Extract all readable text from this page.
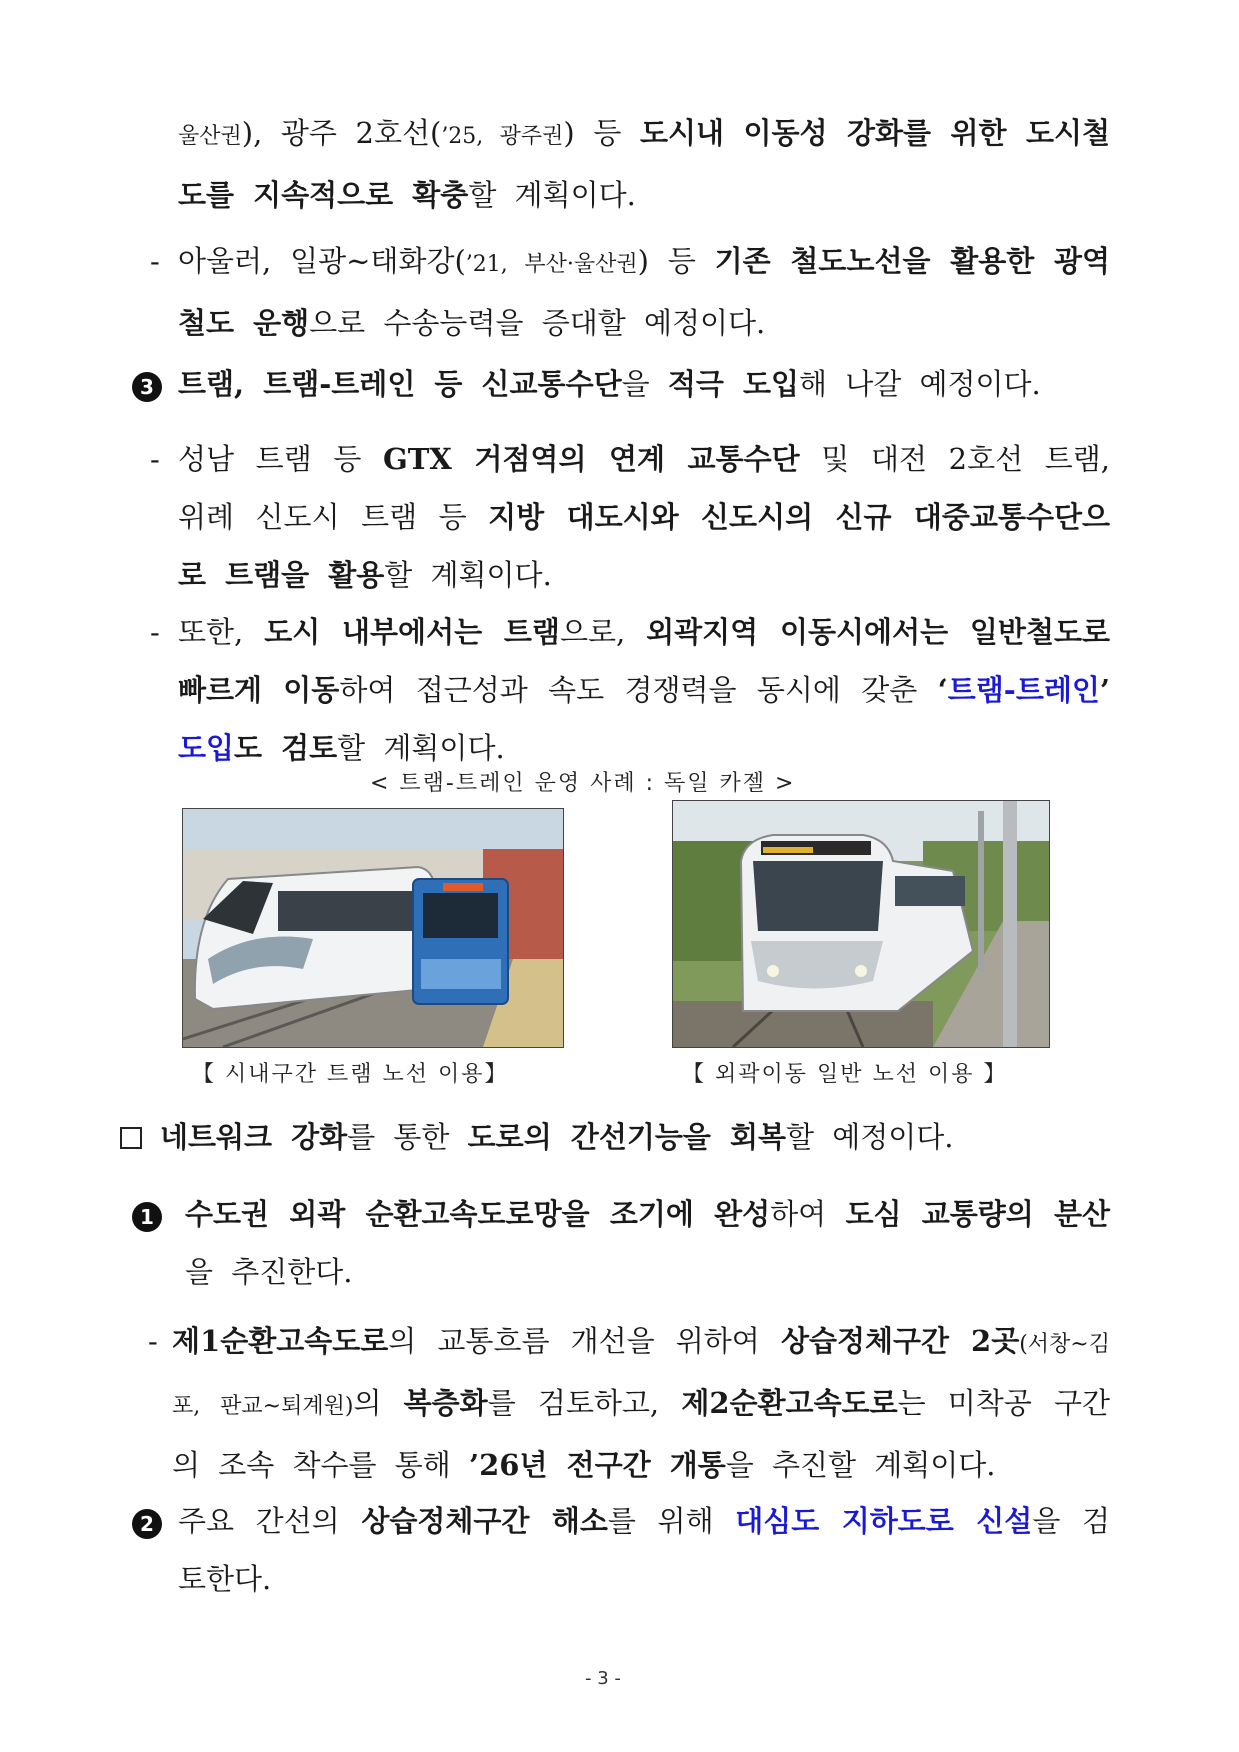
울산권), 광주 2호선(’25, 광주권) 등 도시내 이동성 강화를 위한 도시철도를 지속적으로 확충할 계획이다.
- 아울러, 일광∼태화강(’21, 부산·울산권) 등 기존 철도노선을 활용한 광역철도 운행으로 수송능력을 증대할 예정이다.
3 트램, 트램-트레인 등 신교통수단을 적극 도입해 나갈 예정이다.
- 성남 트램 등 GTX 거점역의 연계 교통수단 및 대전 2호선 트램, 위례 신도시 트램 등 지방 대도시와 신도시의 신규 대중교통수단으로 트램을 활용할 계획이다.
- 또한, 도시 내부에서는 트램으로, 외곽지역 이동시에서는 일반철도로 빠르게 이동하여 접근성과 속도 경쟁력을 동시에 갖춘 ‘트램-트레인’ 도입도 검토할 계획이다.
< 트램-트레인 운영 사례 : 독일 카젤 >
【 시내구간 트램 노선 이용】	【 외곽이동 일반 노선 이용 】
네트워크 강화를 통한 도로의 간선기능을 회복할 예정이다.
1 수도권 외곽 순환고속도로망을 조기에 완성하여 도심 교통량의 분산을 추진한다.
- 제1순환고속도로의 교통흐름 개선을 위하여 상습정체구간 2곳(서창~김포, 판교~퇴계원)의 복층화를 검토하고, 제2순환고속도로는 미착공 구간의 조속 착수를 통해 ’26년 전구간 개통을 추진할 계획이다.
2 주요 간선의 상습정체구간 해소를 위해 대심도 지하도로 신설을 검토한다.
- 3 -
